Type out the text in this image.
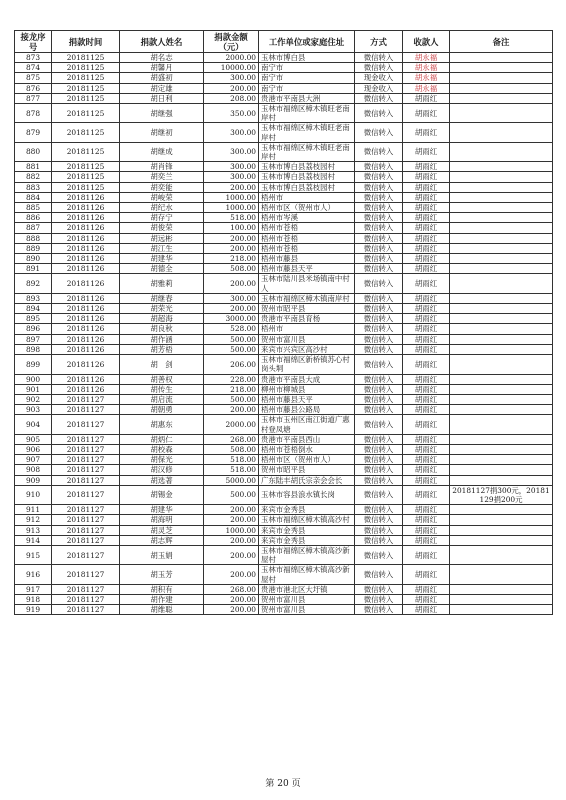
接龙序号	捐款时间	捐款人姓名	捐款金额（元）	工作单位或家庭住址	方式	收款人	备注
873	20181125	胡名志	2000.00	玉林市博白县	微信转入	胡永福	
874	20181125	胡馨月	10000.00	南宁市	微信转入	胡永福	
875	20181125	胡盛初	300.00	南宁市	现金收入	胡永福	
876	20181125	胡定雄	200.00	南宁市	现金收入	胡永福	
877	20181125	胡日利	208.00	贵港市平南县大洲	微信转入	胡雨红	
878	20181125	胡继强	350.00	玉林市福绵区樟木镇旺老南岸村	微信转入	胡雨红	
879	20181125	胡继初	300.00	玉林市福绵区樟木镇旺老南岸村	微信转入	胡雨红	
880	20181125	胡继成	300.00	玉林市福绵区樟木镇旺老南岸村	微信转入	胡雨红	
881	20181125	胡肖锋	300.00	玉林市博白县荔枝园村	微信转入	胡雨红	
882	20181125	胡奕兰	300.00	玉林市博白县荔枝园村	微信转入	胡雨红	
883	20181125	胡奕能	200.00	玉林市博白县荔枝园村	微信转入	胡雨红	
884	20181126	胡峻荣	1000.00	梧州市	微信转入	胡雨红	
885	20181126	胡纪水	1000.00	梧州市区（贺州市人）	微信转入	胡雨红	
886	20181126	胡存宁	518.00	梧州市岑溪	微信转入	胡雨红	
887	20181126	胡俊荣	100.00	梧州市苍梧	微信转入	胡雨红	
888	20181126	胡远彬	200.00	梧州市苍梧	微信转入	胡雨红	
889	20181126	胡江生	200.00	梧州市苍梧	微信转入	胡雨红	
890	20181126	胡建华	218.00	梧州市藤县	微信转入	胡雨红	
891	20181126	胡德全	508.00	梧州市藤县天平	微信转入	胡雨红	
892	20181126	胡雅莉	200.00	玉林市陆川县米场镇南中村人	微信转入	胡雨红	
893	20181126	胡继春	300.00	玉林市福绵区樟木镇南岸村	微信转入	胡雨红	
894	20181126	胡荣光	200.00	贺州市昭平县	微信转入	胡雨红	
895	20181126	胡超海	3000.00	贵港市平南县育杨	微信转入	胡雨红	
896	20181126	胡良秋	528.00	梧州市	微信转入	胡雨红	
897	20181126	胡作涵	500.00	贺州市富川县	微信转入	胡雨红	
898	20181126	胡芳梧	500.00	来宾市兴宾区高沙村	微信转入	胡雨红	
899	20181126	胡　剑	206.00	玉林市福绵区新桥镇苏心村岗头垌	微信转入	胡雨红	
900	20181126	胡善权	228.00	贵港市平南县大成	微信转入	胡雨红	
901	20181126	胡传生	218.00	柳州市柳城县	微信转入	胡雨红	
902	20181127	胡启流	500.00	梧州市藤县天平	微信转入	胡雨红	
903	20181127	胡朝勇	200.00	梧州市藤县公路局	微信转入	胡雨红	
904	20181127	胡惠东	2000.00	玉林市玉州区南江街道广惠村登凤塘	微信转入	胡雨红	
905	20181127	胡炳仁	268.00	贵港市平南县西山	微信转入	胡雨红	
906	20181127	胡校森	508.00	梧州市苍梧倒水	微信转入	胡雨红	
907	20181127	胡保光	518.00	梧州市区（贺州市人）	微信转入	胡雨红	
908	20181127	胡汉修	518.00	贺州市昭平县	微信转入	胡雨红	
909	20181127	胡选著	5000.00	广东陆丰胡氏宗亲会会长	微信转入	胡雨红	
910	20181127	胡锡金	500.00	玉林市容县浪水镇长岗	微信转入	胡雨红	20181127捐300元，20181129捐200元
911	20181127	胡建华	200.00	来宾市金秀县	微信转入	胡雨红	
912	20181127	胡海明	200.00	玉林市福绵区樟木镇高沙村	微信转入	胡雨红	
913	20181127	胡灵芝	1000.00	来宾市金秀县	微信转入	胡雨红	
914	20181127	胡志辉	200.00	来宾市金秀县	微信转入	胡雨红	
915	20181127	胡玉娟	200.00	玉林市福绵区樟木镇高沙新屋村	微信转入	胡雨红	
916	20181127	胡玉芳	200.00	玉林市福绵区樟木镇高沙新屋村	微信转入	胡雨红	
917	20181127	胡积有	268.00	贵港市港北区大圩镇	微信转入	胡雨红	
918	20181127	胡作建	200.00	贺州市富川县	微信转入	胡雨红	
919	20181127	胡维聪	200.00	贺州市富川县	微信转入	胡雨红	
第 20 页
